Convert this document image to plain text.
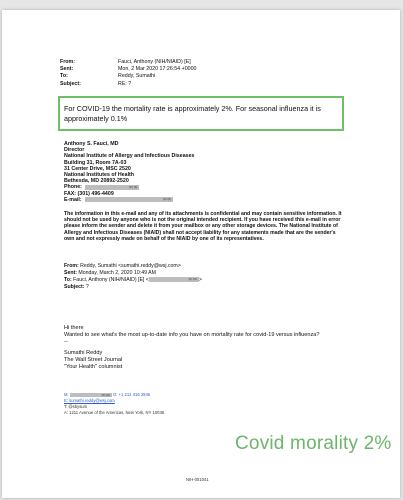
From:	Fauci, Anthony (NIH/NIAID) [E]
Sent:	Mon, 2 Mar 2020 17:26:54 +0000
To:	Reddy, Sumathi
Subject:	RE: ?
For COVID-19 the mortality rate is approximately 2%. For seasonal influenza it is approximately 0.1%
Anthony S. Fauci, MD
Director
National Institute of Allergy and Infectious Diseases
Building 31, Room 7A-03
31 Center Drive, MSC 2520
National Institutes of Health
Bethesda, MD 20892-2520
Phone:	(b) (6)
FAX: (301) 496-4409
E-mail:	(b) (6)
The information in this e-mail and any of its attachments is confidential and may contain sensitive information. It should not be used by anyone who is not the original intended recipient. If you have received this e-mail in error please inform the sender and delete it from your mailbox or any other storage devices. The National Institute of Allergy and Infectious Diseases (NIAID) shall not accept liability for any statements made that are the sender's own and not expressly made on behalf of the NIAID by one of its representatives.
From: Reddy, Sumathi <sumathi.reddy@wsj.com>
Sent: Monday, March 2, 2020 10:49 AM
To: Fauci, Anthony (NIH/NIAID) [E] <	(b) (6) >
Subject: ?
Hi there
Wanted to see what's the most up-to-date info you have on mortality rate for covid-19 versus influenza?
--
Sumathi Reddy
The Wall Street Journal
"Your Health" columnist
M:	(b) (6) O: +1 212 416 2945
E: sumathi.reddy@wsj.com
T: @sbysum
A: 1211 Avenue of the Americas, New York, NY 10036
Covid morality 2%
NIH-001041
